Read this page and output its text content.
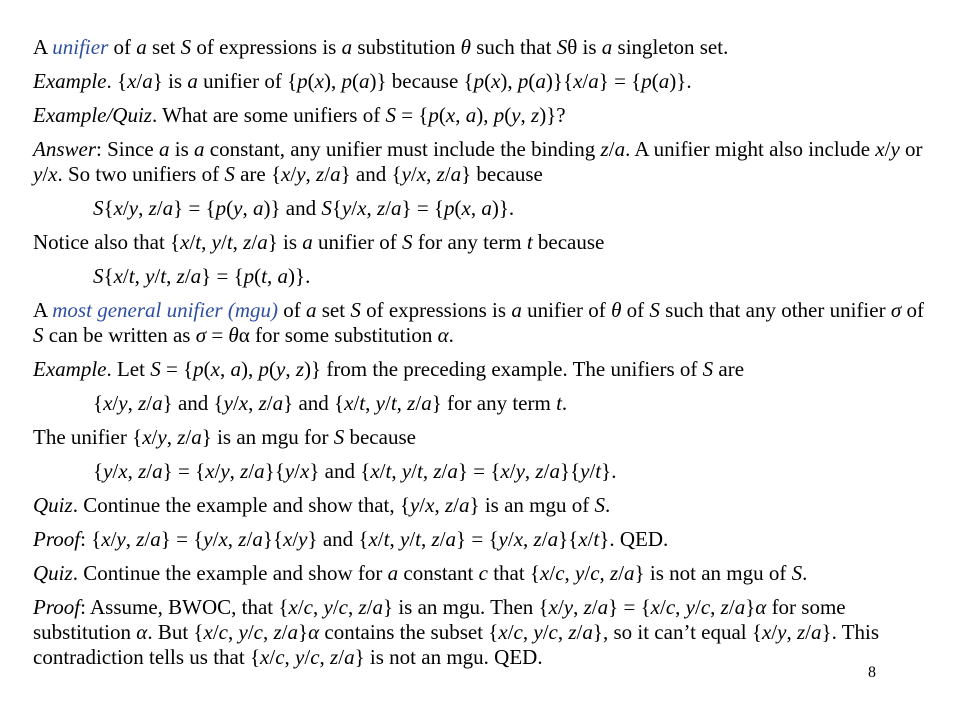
A unifier of a set S of expressions is a substitution θ such that Sθ is a singleton set.

Example. {x/a} is a unifier of {p(x), p(a)} because {p(x), p(a)}{x/a} = {p(a)}.

Example/Quiz. What are some unifiers of S = {p(x, a), p(y, z)}?

Answer: Since a is a constant, any unifier must include the binding z/a. A unifier might also include x/y or y/x. So two unifiers of S are {x/y, z/a} and {y/x, z/a} because

S{x/y, z/a} = {p(y, a)} and S{y/x, z/a} = {p(x, a)}.

Notice also that {x/t, y/t, z/a} is a unifier of S for any term t because

S{x/t, y/t, z/a} = {p(t, a)}.

A most general unifier (mgu) of a set S of expressions is a unifier of θ of S such that any other unifier σ of S can be written as σ = θα for some substitution α.

Example. Let S = {p(x, a), p(y, z)} from the preceding example. The unifiers of S are

{x/y, z/a} and {y/x, z/a} and {x/t, y/t, z/a} for any term t.

The unifier {x/y, z/a} is an mgu for S because

{y/x, z/a} = {x/y, z/a}{y/x} and {x/t, y/t, z/a} = {x/y, z/a}{y/t}.

Quiz. Continue the example and show that, {y/x, z/a} is an mgu of S.

Proof: {x/y, z/a} = {y/x, z/a}{x/y} and {x/t, y/t, z/a} = {y/x, z/a}{x/t}. QED.

Quiz. Continue the example and show for a constant c that {x/c, y/c, z/a} is not an mgu of S.

Proof: Assume, BWOC, that {x/c, y/c, z/a} is an mgu. Then {x/y, z/a} = {x/c, y/c, z/a}α for some substitution α. But {x/c, y/c, z/a}α contains the subset {x/c, y/c, z/a}, so it can’t equal {x/y, z/a}. This contradiction tells us that {x/c, y/c, z/a} is not an mgu. QED.

8
